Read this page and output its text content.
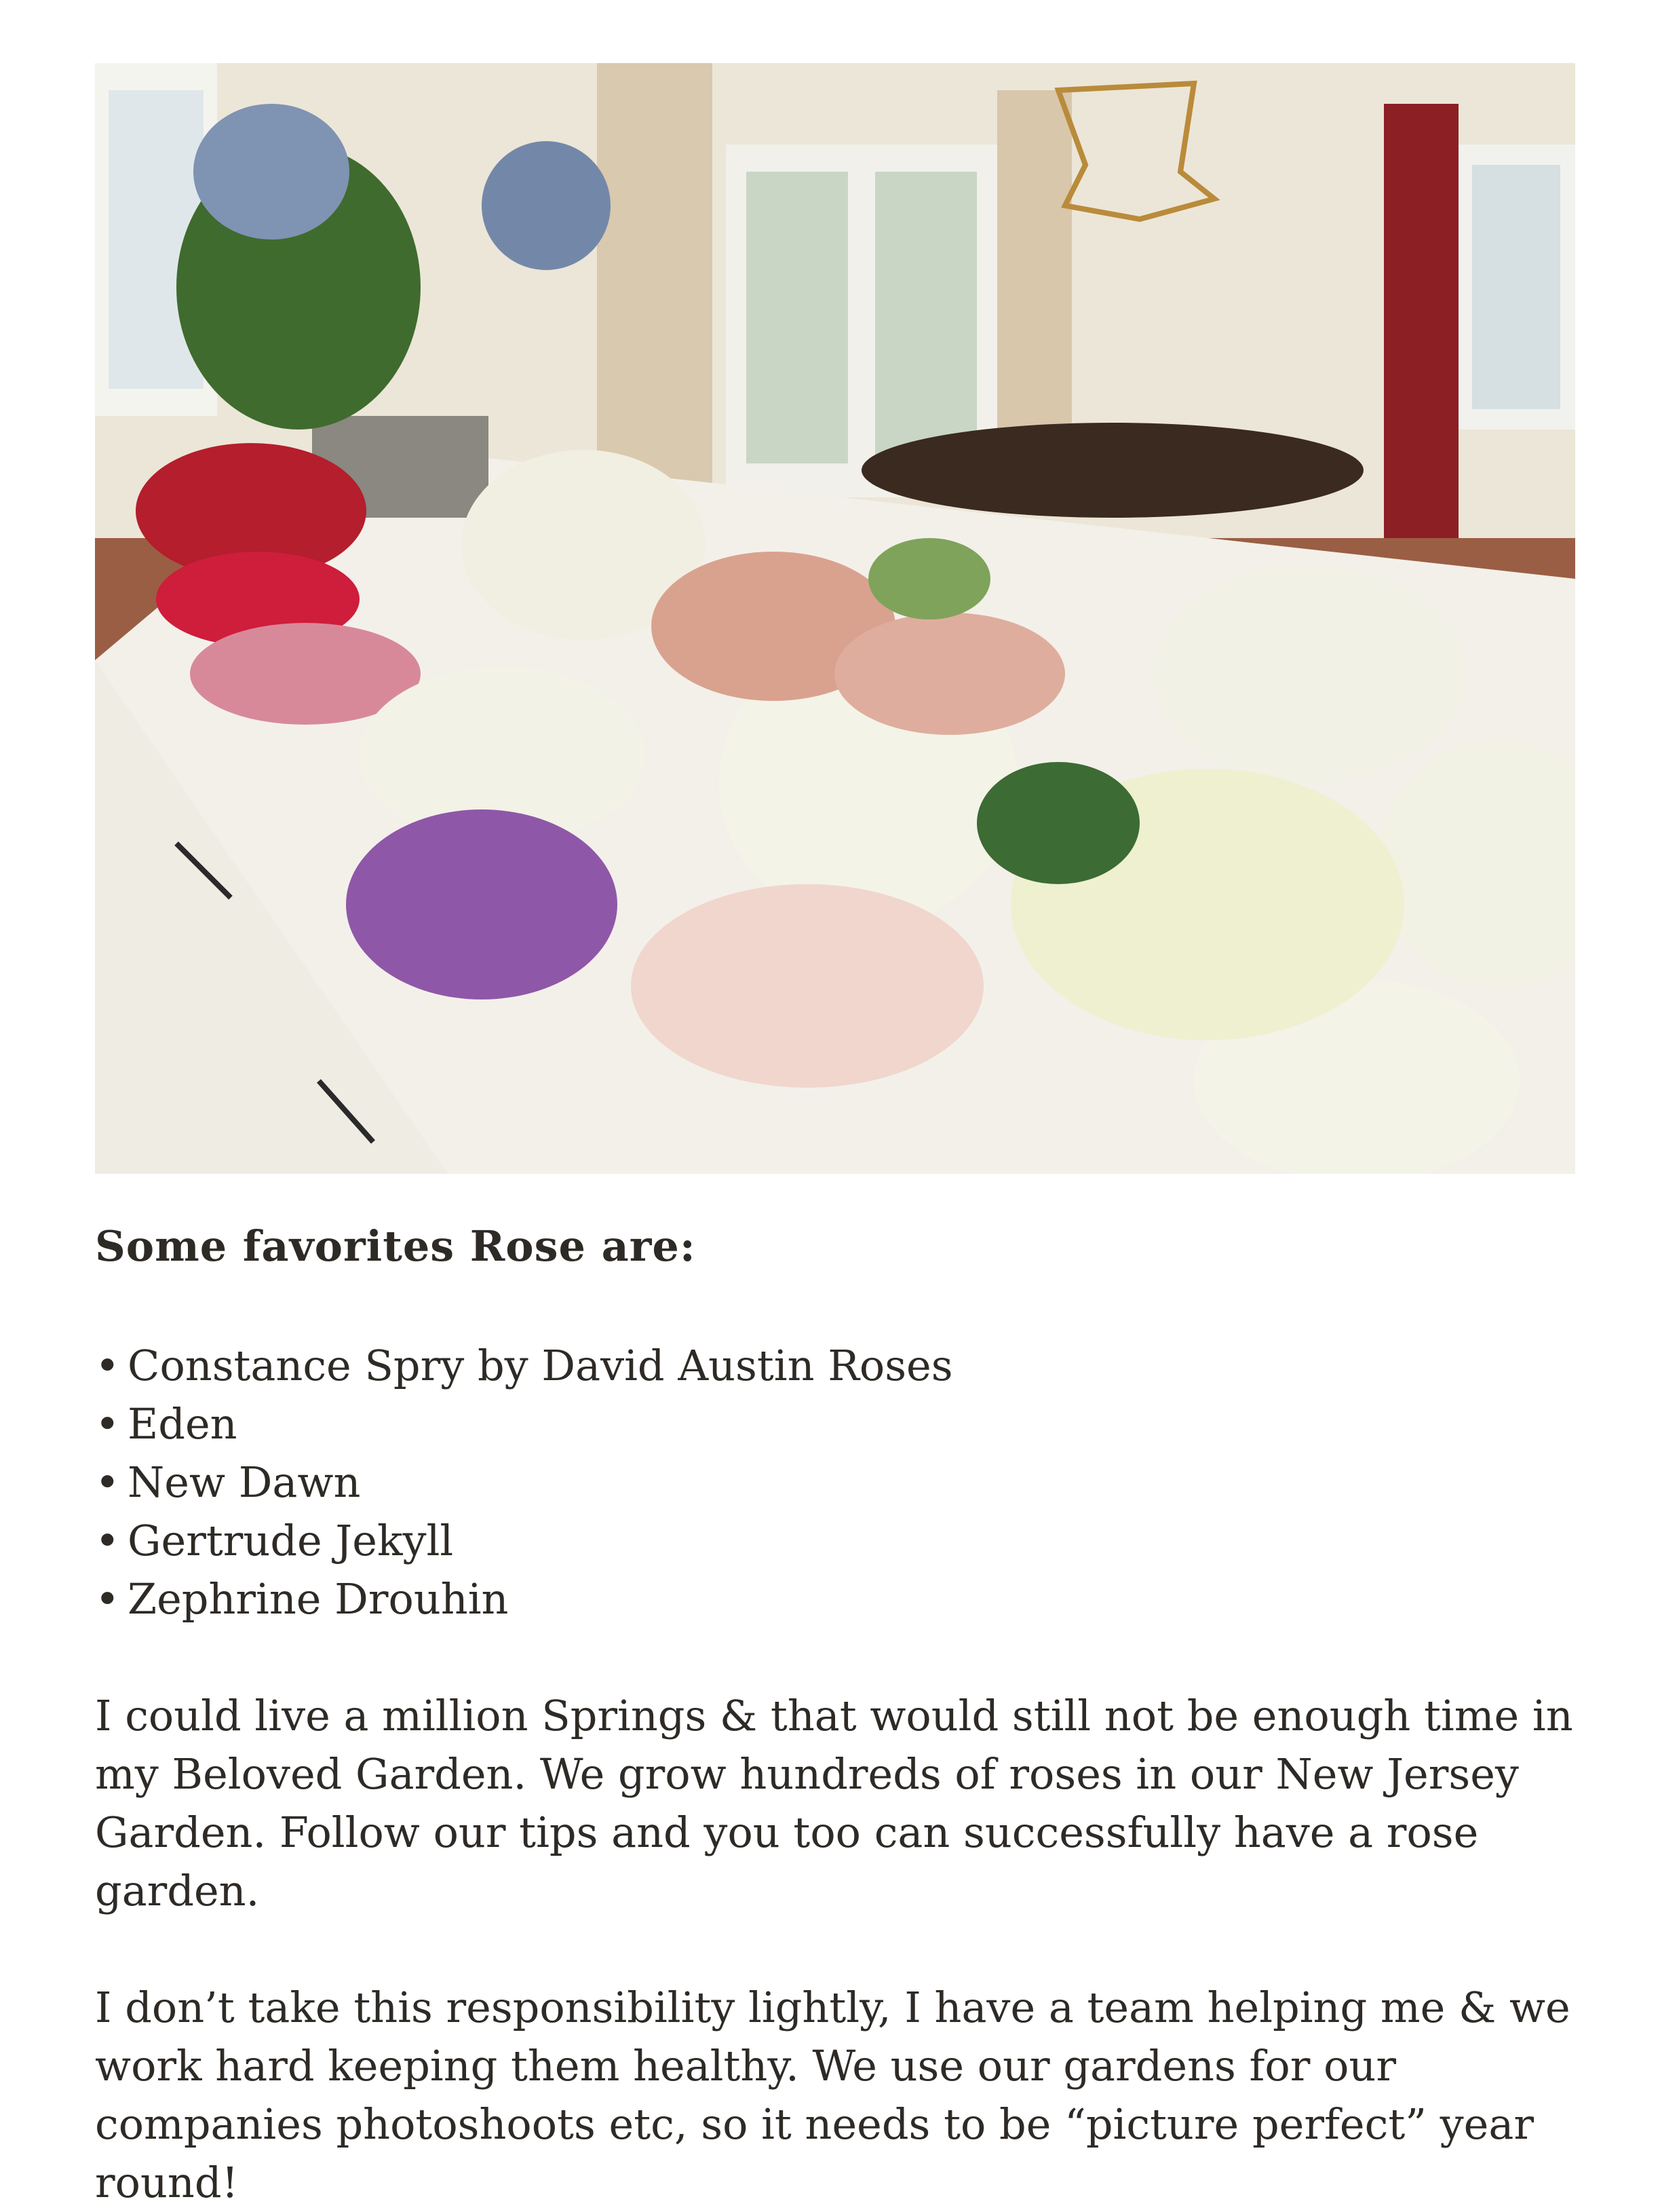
Some favorites Rose are:
• Constance Spry by David Austin Roses
• Eden
• New Dawn
• Gertrude Jekyll
• Zephrine Drouhin

I could live a million Springs & that would still not be enough time in my Beloved Garden. We grow hundreds of roses in our New Jersey Garden. Follow our tips and you too can successfully have a rose garden.

I don’t take this responsibility lightly, I have a team helping me & we work hard keeping them healthy. We use our gardens for our companies photoshoots etc, so it needs to be “picture perfect” year round!
